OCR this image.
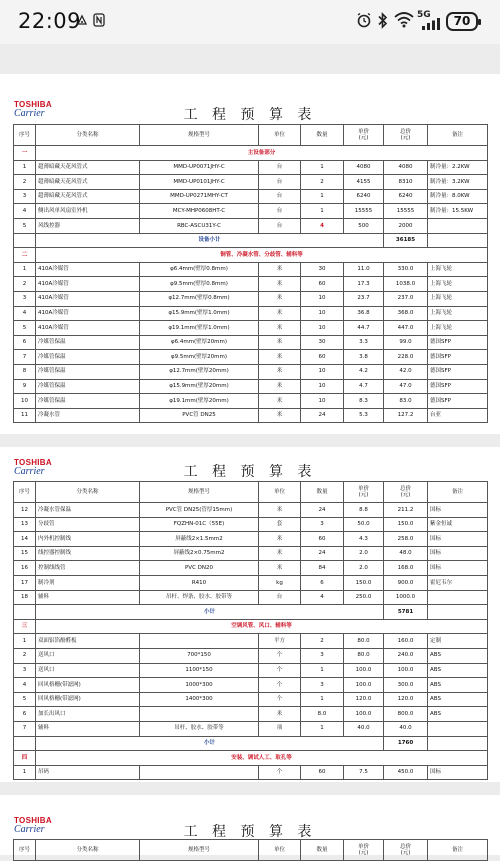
22:09	5G	70
TOSHIBA
Carrier	工 程 预 算 表
序号	分类名称	规格型号	单位	数量	单价
(元)	总价
(元)	备注
一	主设备部分						
1	超薄暗藏天花风管式	MMD-UP0071JHY-C	台	1	4080	4080	制冷量：2.2KW
2	超薄暗藏天花风管式	MMD-UP0101JHY-C	台	2	4155	8310	制冷量：3.2KW
3	超薄暗藏天花风管式	MMD-UP0271MHY-CT	台	1	6240	6240	制冷量：8.0KW
4	侧出风单风扇室外机	MCY-MHP0608HT-C	台	1	15555	15555	制冷量：15.5KW
5	风线控器	RBC-ASCU31Y-C	台	4	500	2000	
	设备小计					36185	
二	铜管、冷凝水管、分歧管、辅料等						
1	410A冷媒管	φ6.4mm(壁厚0.8mm)	米	30	11.0	330.0	上海飞轮
2	410A冷媒管	φ9.5mm(壁厚0.8mm)	米	60	17.3	1038.0	上海飞轮
3	410A冷媒管	φ12.7mm(壁厚0.8mm)	米	10	23.7	237.0	上海飞轮
4	410A冷媒管	φ15.9mm(壁厚1.0mm)	米	10	36.8	368.0	上海飞轮
5	410A冷媒管	φ19.1mm(壁厚1.0mm)	米	10	44.7	447.0	上海飞轮
6	冷媒管保温	φ6.4mm(壁厚20mm)	米	30	3.3	99.0	德国SFP
7	冷媒管保温	φ9.5mm(壁厚20mm)	米	60	3.8	228.0	德国SFP
8	冷媒管保温	φ12.7mm(壁厚20mm)	米	10	4.2	42.0	德国SFP
9	冷媒管保温	φ15.9mm(壁厚20mm)	米	10	4.7	47.0	德国SFP
10	冷媒管保温	φ19.1mm(壁厚20mm)	米	10	8.3	83.0	德国SFP
11	冷凝水管	PVC管 DN25	米	24	5.3	127.2	台亚
TOSHIBA
Carrier	工 程 预 算 表
序号	分类名称	规格型号	单位	数量	单价
(元)	总价
(元)	备注
12	冷凝水管保温	PVC管 DN25(管厚15mm)	米	24	8.8	211.2	国标
13	分歧管	FQZHN-01C（55E)	套	3	50.0	150.0	紫金恒诚
14	内外机控制线	屏蔽线2×1.5mm2	米	60	4.3	258.0	国标
15	线控器控制线	屏蔽线2×0.75mm2	米	24	2.0	48.0	国标
16	控制线线管	PVC DN20	米	84	2.0	168.0	国标
17	制冷剂	R410	kg	6	150.0	900.0	霍尼韦尔
18	辅料	吊杆、焊条、胶水、胶带等	台	4	250.0	1000.0	
	小计					5781	
三	空调风管、风口、辅料等						
1	双面铝箔酚醛板		平方	2	80.0	160.0	定制
2	送风口	700*150	个	3	80.0	240.0	ABS
3	送风口	1100*150	个	1	100.0	100.0	ABS
4	回风格栅(带滤网)	1000*300	个	3	100.0	300.0	ABS
5	回风格栅(带滤网)	1400*300	个	1	120.0	120.0	ABS
6	加长出风口		米	8.0	100.0	800.0	ABS
7	辅料	吊杆、胶水、胶带等	项	1	40.0	40.0	
	小计					1760	
四	安装、调试人工、取孔等						
1	吊码		个	60	7.5	450.0	国标
TOSHIBA
Carrier	工 程 预 算 表
序号	分类名称	规格型号	单位	数量	单价
(元)	总价
(元)	备注
